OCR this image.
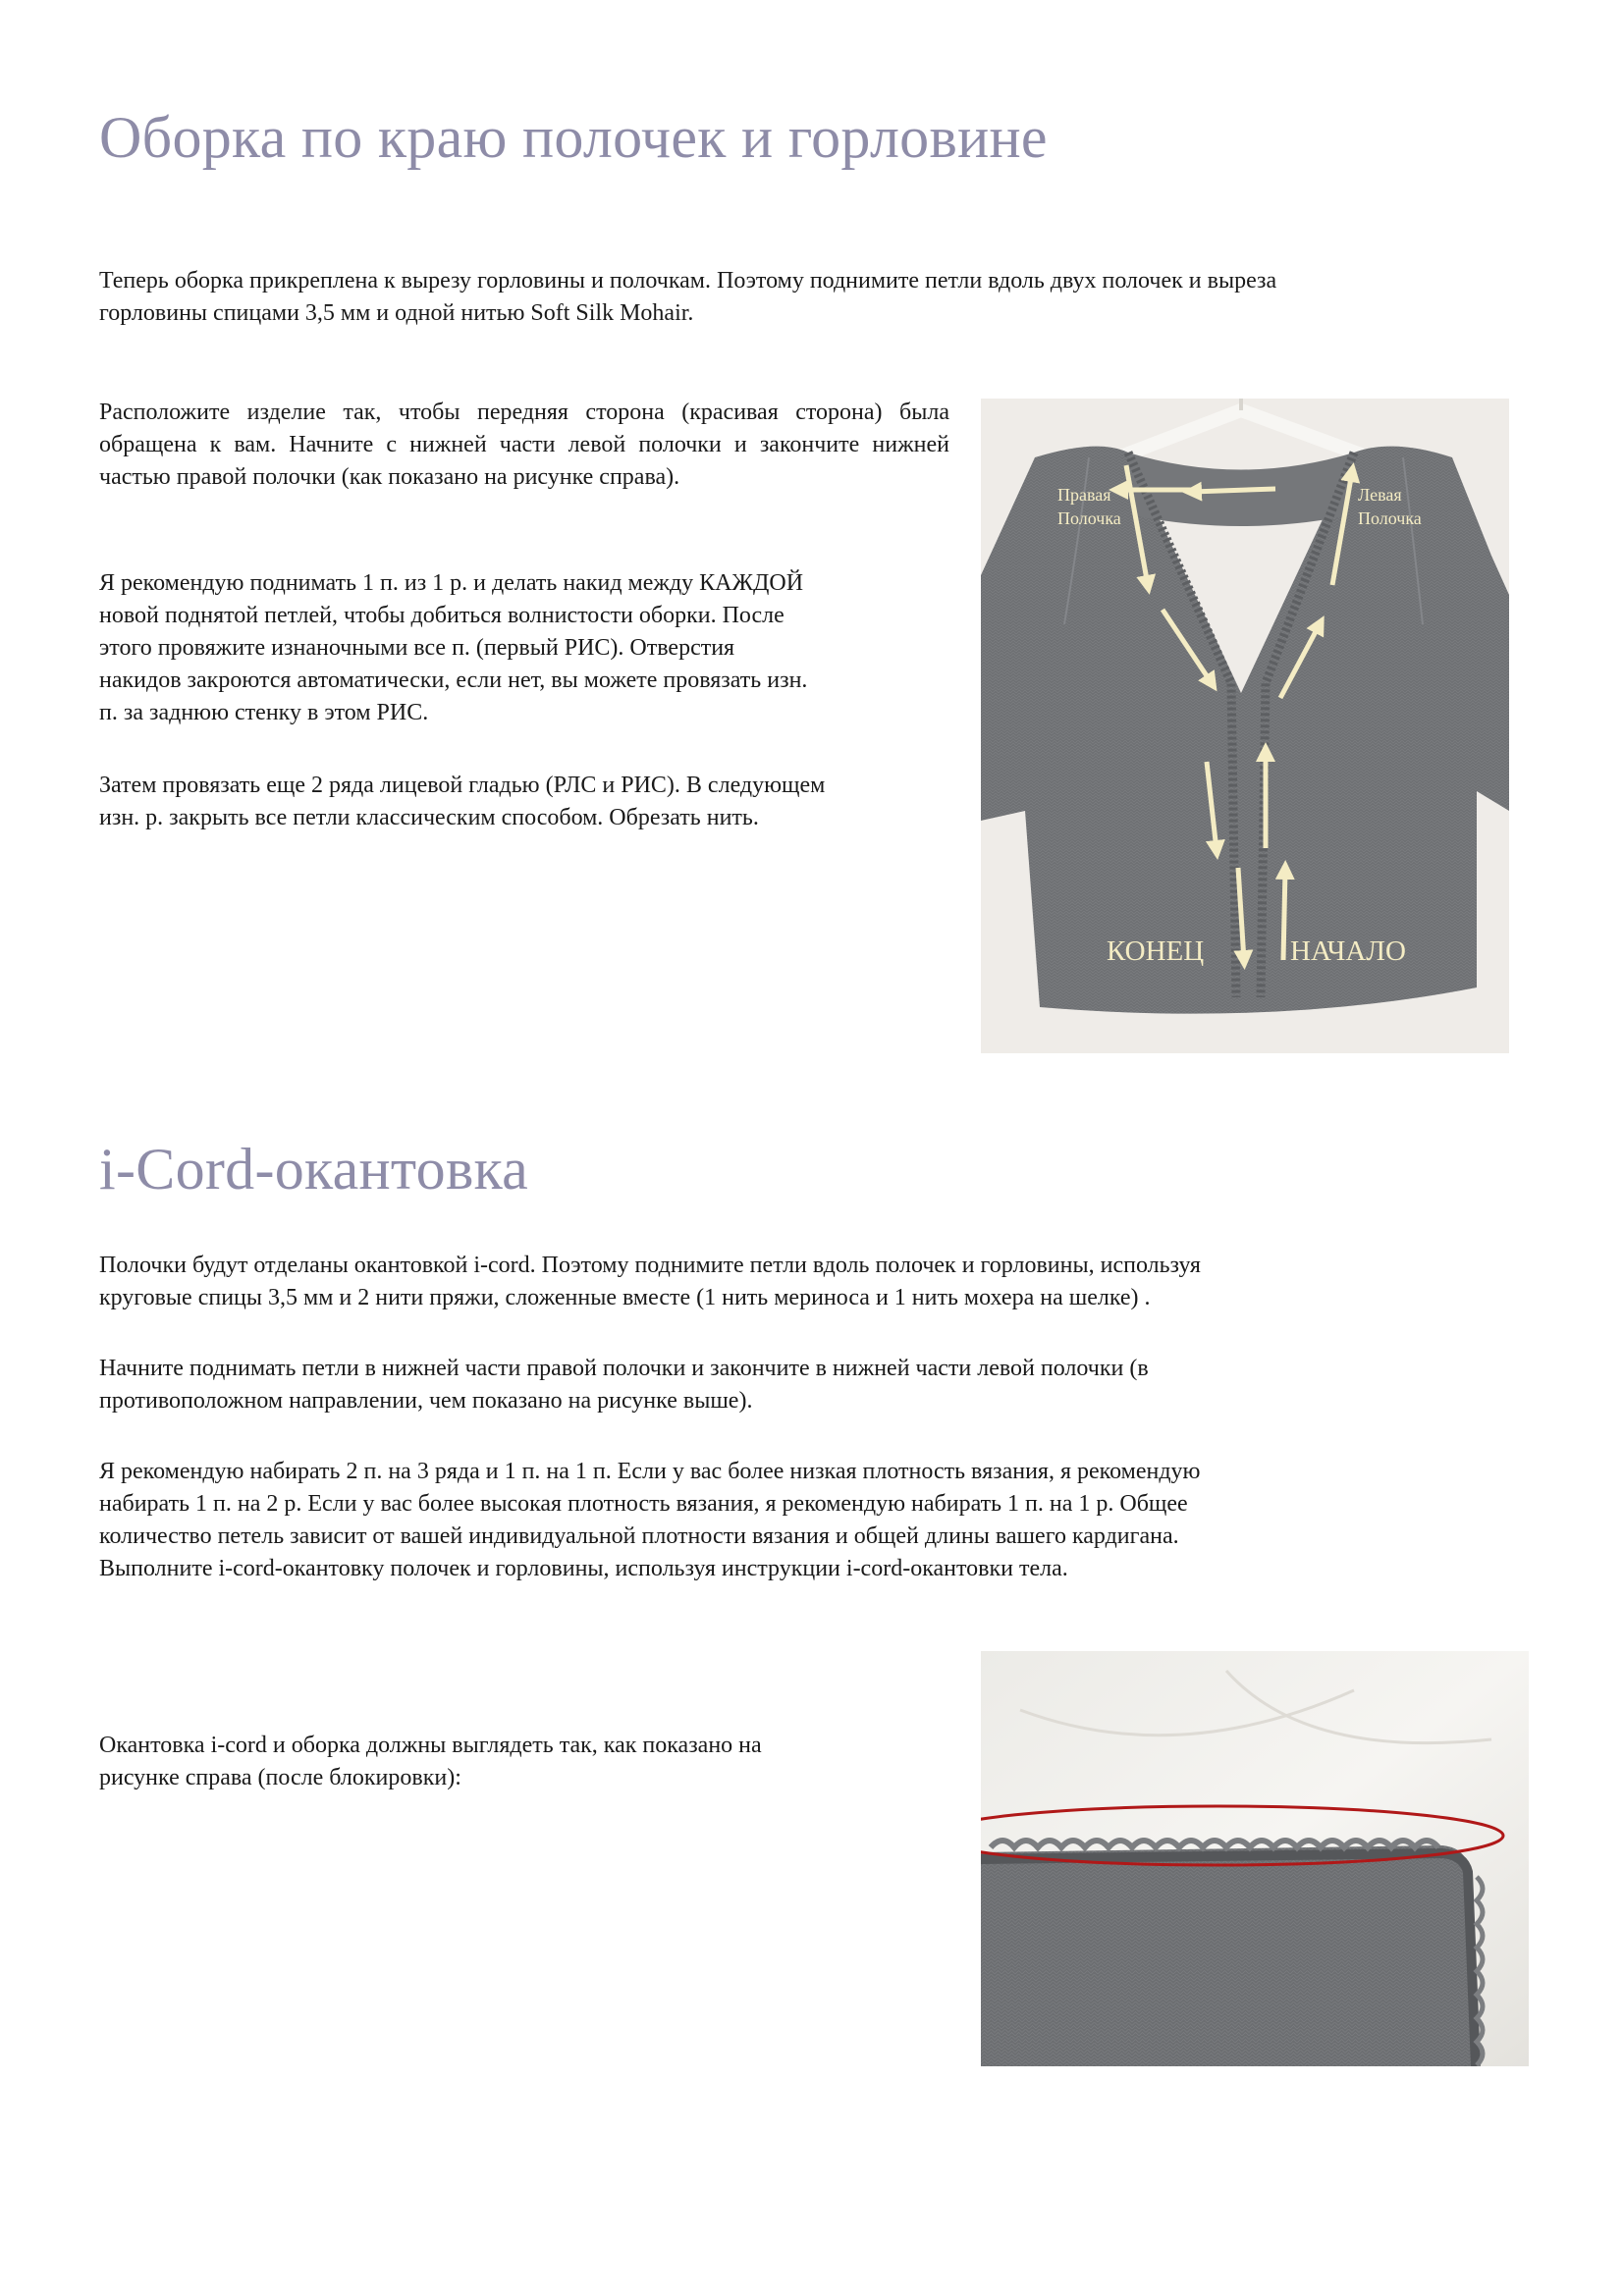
Оборка по краю полочек и горловине

Теперь оборка прикреплена к вырезу горловины и полочкам. Поэтому поднимите петли вдоль двух полочек и выреза

горловины спицами 3,5 мм и одной нитью Soft Silk Mohair.

Расположите изделие так, чтобы передняя сторона (красивая сторона) была обращена к вам. Начните с нижней части левой полочки и закончите нижней частью правой полочки (как показано на рисунке справа).

Я рекомендую поднимать 1 п. из 1 р. и делать накид между КАЖДОЙ

новой поднятой петлей, чтобы добиться волнистости оборки. После

этого провяжите изнаночными все п. (первый РИС). Отверстия

накидов закроются автоматически, если нет, вы можете провязать изн.

п. за заднюю стенку в этом РИС.

Затем провязать еще 2 ряда лицевой гладью (РЛС и РИС). В следующем

изн. р. закрыть все петли классическим способом. Обрезать нить.

Правая
Полочка
Левая
Полочка
КОНЕЦ	НАЧАЛО
i-Cord-окантовка

Полочки будут отделаны окантовкой i-cord. Поэтому поднимите петли вдоль полочек и горловины, используя

круговые спицы 3,5 мм и 2 нити пряжи, сложенные вместе (1 нить мериноса и 1 нить мохера на шелке) .

Начните поднимать петли в нижней части правой полочки и закончите в нижней части левой полочки (в

противоположном направлении, чем показано на рисунке выше).

Я рекомендую набирать 2 п. на 3 ряда и 1 п. на 1 п. Если у вас более низкая плотность вязания, я рекомендую

набирать 1 п. на 2 р. Если у вас более высокая плотность вязания, я рекомендую набирать 1 п. на 1 р. Общее

количество петель зависит от вашей индивидуальной плотности вязания и общей длины вашего кардигана.

Выполните i-cord-окантовку полочек и горловины, используя инструкции i-cord-окантовки тела.

Окантовка i-cord и оборка должны выглядеть так, как показано на

рисунке справа (после блокировки):
